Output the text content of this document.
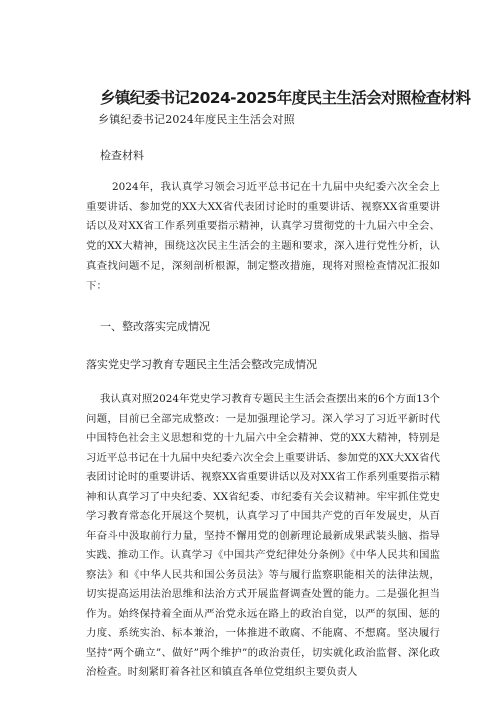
乡镇纪委书记2024-2025年度民主生活会对照检查材料
乡镇纪委书记2024年度民主生活会对照
检查材料

2024年，我认真学习领会习近平总书记在十九届中央纪委六次全会上重要讲话、参加党的XX大XX省代表团讨论时的重要讲话、视察XX省重要讲话以及对XX省工作系列重要指示精神，认真学习贯彻党的十九届六中全会、党的XX大精神，围绕这次民主生活会的主题和要求，深入进行党性分析，认真查找问题不足，深刻剖析根源，制定整改措施，现将对照检查情况汇报如下：

一、整改落实完成情况
落实党史学习教育专题民主生活会整改完成情况

我认真对照2024年党史学习教育专题民主生活会查摆出来的6个方面13个问题，目前已全部完成整改：一是加强理论学习。深入学习了习近平新时代中国特色社会主义思想和党的十九届六中全会精神、党的XX大精神，特别是习近平总书记在十九届中央纪委六次全会上重要讲话、参加党的XX大XX省代表团讨论时的重要讲话、视察XX省重要讲话以及对XX省工作系列重要指示精神和认真学习了中央纪委、XX省纪委、市纪委有关会议精神。牢牢抓住党史学习教育常态化开展这个契机，认真学习了中国共产党的百年发展史，从百年奋斗中汲取前行力量，坚持不懈用党的创新理论最新成果武装头脑、指导实践、推动工作。认真学习《中国共产党纪律处分条例》《中华人民共和国监察法》和《中华人民共和国公务员法》等与履行监察职能相关的法律法规，切实提高运用法治思维和法治方式开展监督调查处置的能力。二是强化担当作为。始终保持着全面从严治党永远在路上的政治自觉，以严的氛围、惩的力度、系统实治、标本兼治，一体推进不敢腐、不能腐、不想腐。坚决履行坚持“两个确立”、做好”两个维护”的政治责任，切实就化政治监督、深化政治检查。时刻紧盯着各社区和镇直各单位党组织主要负责人
